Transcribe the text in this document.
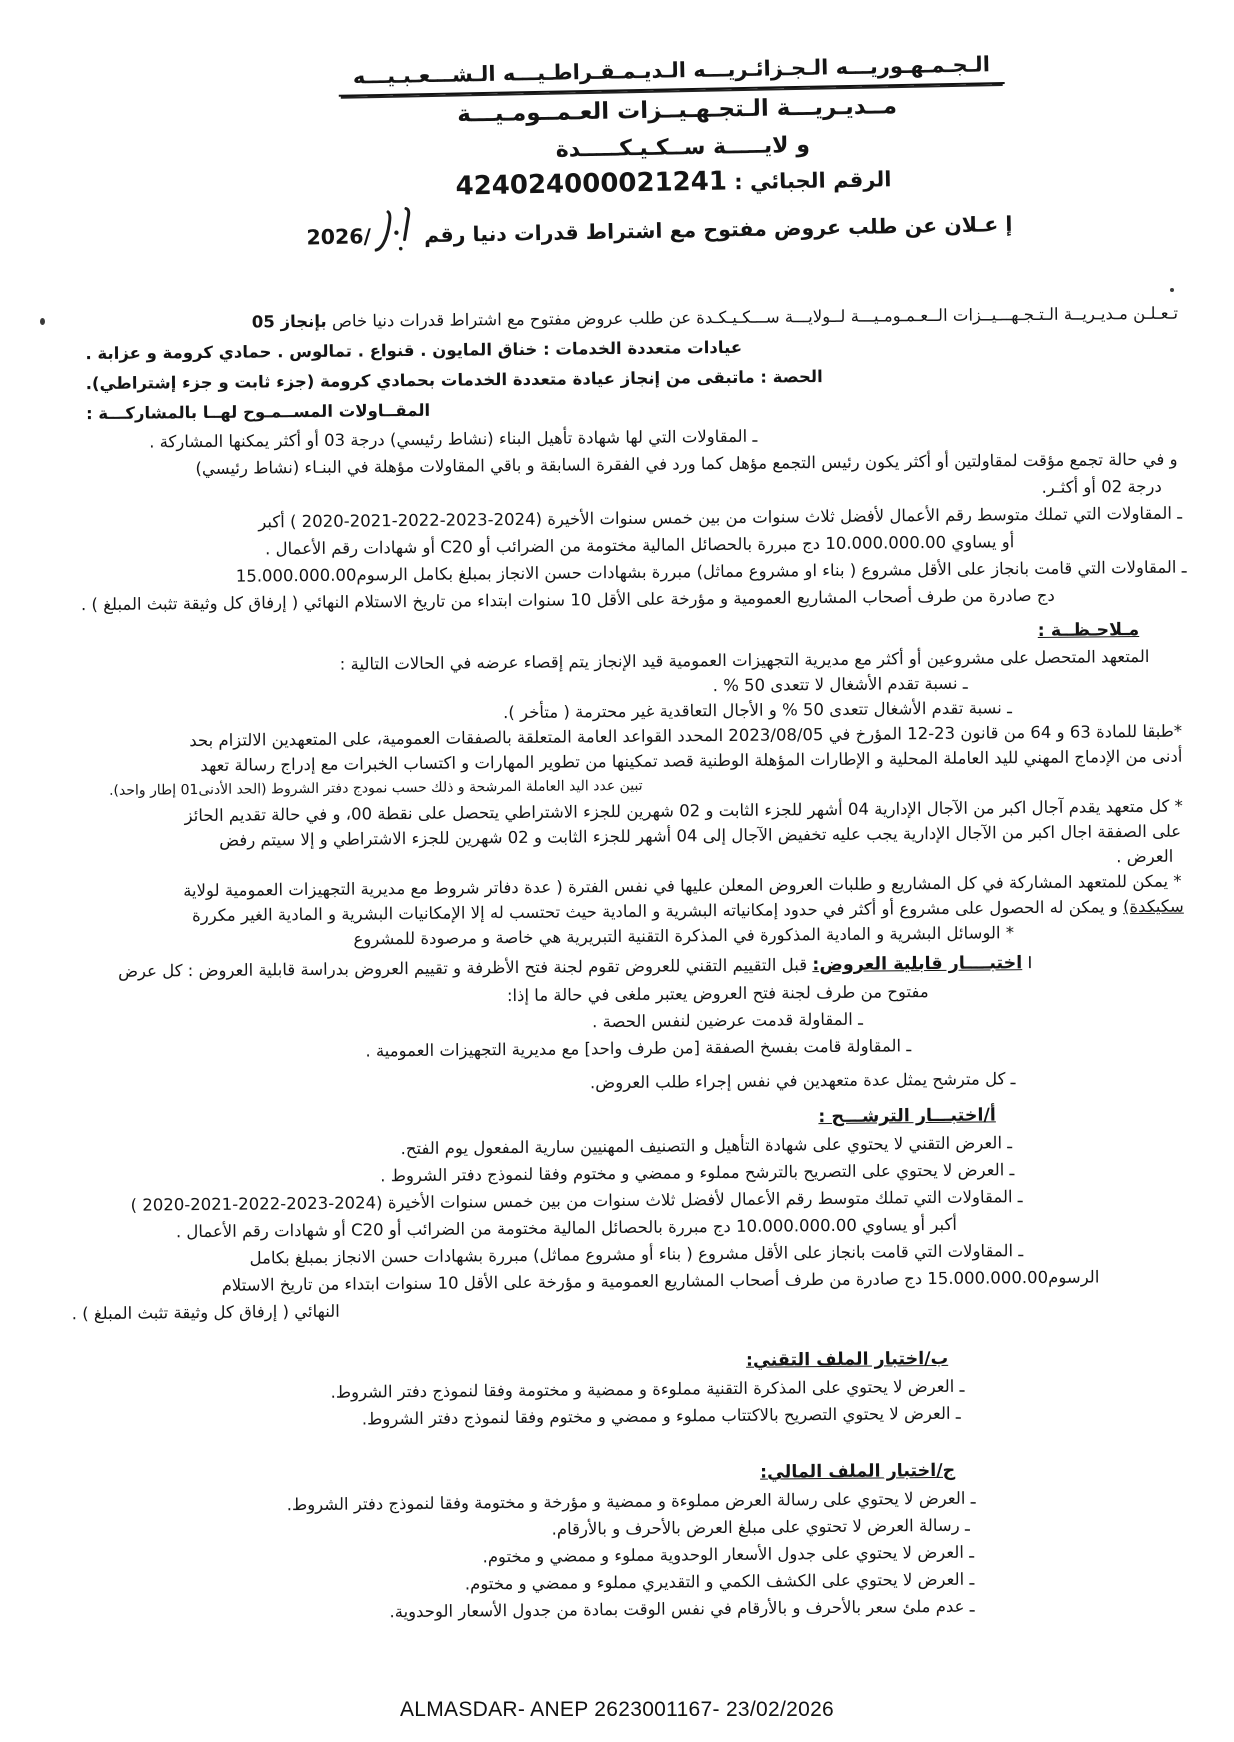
الـجـمـهـوريـــه الـجـزائـريـــه الـديـمـقـراطـيـــه الـشـــعـبـيـــه
مــديـريـــة الـتجـهـيــزات العـمــومـيـــة
و لايـــــة ســكـيـكـــــدة
الرقم الجبائي : 424024000021241
إ عـلان عن طلب عروض مفتوح مع اشتراط قدرات دنيا رقم /2026
تـعـلـن مـديـريــة الـتـجـهـــيــزات الــعـمـومـيـــة لــولايـــة ســـكـيـكـدة عن طلب عروض مفتوح مع اشتراط قدرات دنيا خاص بإنجاز 05
عيادات متعددة الخدمات : خناق المايون . قنواع . تمالوس . حمادي كرومة و عزابة .
الحصة : ماتبقى من إنجاز عيادة متعددة الخدمات بحمادي كرومة (جزء ثابت و جزء إشتراطي).
المقــاولات المســمـوح لهــا بالمشاركـــة :
ـ المقاولات التي لها شهادة تأهيل البناء (نشاط رئيسي) درجة 03 أو أكثر يمكنها المشاركة .
و في حالة تجمع مؤقت لمقاولتين أو أكثر يكون رئيس التجمع مؤهل كما ورد في الفقرة السابقة و باقي المقاولات مؤهلة في البنـاء (نشاط رئيسي)
درجة 02 أو أكثـر.
ـ المقاولات التي تملك متوسط رقم الأعمال لأفضل ثلاث سنوات من بين خمس سنوات الأخيرة (2024-2023-2022-2021-2020 ) أكبر
أو يساوي 10.000.000.00 دج مبررة بالحصائل المالية مختومة من الضرائب أو C20 أو شهادات رقم الأعمال .
ـ المقاولات التي قامت بانجاز على الأقل مشروع ( بناء او مشروع مماثل) مبررة بشهادات حسن الانجاز بمبلغ بكامل الرسوم15.000.000.00
دج صادرة من طرف أصحاب المشاريع العمومية و مؤرخة على الأقل 10 سنوات ابتداء من تاريخ الاستلام النهائي ( إرفاق كل وثيقة تثبث المبلغ ) .
مـلاحـظــة :
المتعهد المتحصل على مشروعين أو أكثر مع مديرية التجهيزات العمومية قيد الإنجاز يتم إقصاء عرضه في الحالات التالية :
ـ نسبة تقدم الأشغال لا تتعدى 50 % .
ـ نسبة تقدم الأشغال تتعدى 50 % و الأجال التعاقدية غير محترمة ( متأخر ).
*طبقا للمادة 63 و 64 من قانون 23-12 المؤرخ في 2023/08/05 المحدد القواعد العامة المتعلقة بالصفقات العمومية، على المتعهدين الالتزام بحد
أدنى من الإدماج المهني لليد العاملة المحلية و الإطارات المؤهلة الوطنية قصد تمكينها من تطوير المهارات و اكتساب الخبرات مع إدراج رسالة تعهد
تبين عدد اليد العاملة المرشحة و ذلك حسب نمودج دفتر الشروط (الحد الأدنى01 إطار واحد).
* كل متعهد يقدم آجال اكبر من الآجال الإدارية 04 أشهر للجزء الثابت و 02 شهرين للجزء الاشتراطي يتحصل على نقطة 00، و في حالة تقديم الحائز
على الصفقة اجال اكبر من الآجال الإدارية يجب عليه تخفيض الآجال إلى 04 أشهر للجزء الثابت و 02 شهرين للجزء الاشتراطي و إلا سيتم رفض
العرض .
* يمكن للمتعهد المشاركة في كل المشاريع و طلبات العروض المعلن عليها في نفس الفترة ( عدة دفاتر شروط مع مديرية التجهيزات العمومية لولاية
سكيكدة) و يمكن له الحصول على مشروع أو أكثر في حدود إمكانياته البشرية و المادية حيث تحتسب له إلا الإمكانيات البشرية و المادية الغير مكررة
* الوسائل البشرية و المادية المذكورة في المذكرة التقنية التبريرية هي خاصة و مرصودة للمشروع
I اختبــــار قابلية العروض: قبل التقييم التقني للعروض تقوم لجنة فتح الأظرفة و تقييم العروض بدراسة قابلية العروض : كل عرض
مفتوح من طرف لجنة فتح العروض يعتبر ملغى في حالة ما إذا:
ـ المقاولة قدمت عرضين لنفس الحصة .
ـ المقاولة قامت بفسخ الصفقة [من طرف واحد] مع مديرية التجهيزات العمومية .
ـ كل مترشح يمثل عدة متعهدين في نفس إجراء طلب العروض.
أ/اختبـــار الترشـــح :
ـ العرض التقني لا يحتوي على شهادة التأهيل و التصنيف المهنيين سارية المفعول يوم الفتح.
ـ العرض لا يحتوي على التصريح بالترشح مملوء و ممضي و مختوم وفقا لنموذج دفتر الشروط .
ـ المقاولات التي تملك متوسط رقم الأعمال لأفضل ثلاث سنوات من بين خمس سنوات الأخيرة (2024-2023-2022-2021-2020 )
أكبر أو يساوي 10.000.000.00 دج مبررة بالحصائل المالية مختومة من الضرائب أو C20 أو شهادات رقم الأعمال .
ـ المقاولات التي قامت بانجاز على الأقل مشروع ( بناء أو مشروع مماثل) مبررة بشهادات حسن الانجاز بمبلغ بكامل
الرسوم15.000.000.00 دج صادرة من طرف أصحاب المشاريع العمومية و مؤرخة على الأقل 10 سنوات ابتداء من تاريخ الاستلام
النهائي ( إرفاق كل وثيقة تثبث المبلغ ) .
ب/اختبار الملف التقني:
ـ العرض لا يحتوي على المذكرة التقنية مملوءة و ممضية و مختومة وفقا لنموذج دفتر الشروط.
ـ العرض لا يحتوي التصريح بالاكتتاب مملوء و ممضي و مختوم وفقا لنموذج دفتر الشروط.
ج/اختبار الملف المالي:
ـ العرض لا يحتوي على رسالة العرض مملوءة و ممضية و مؤرخة و مختومة وفقا لنموذج دفتر الشروط.
ـ رسالة العرض لا تحتوي على مبلغ العرض بالأحرف و بالأرقام.
ـ العرض لا يحتوي على جدول الأسعار الوحدوية مملوء و ممضي و مختوم.
ـ العرض لا يحتوي على الكشف الكمي و التقديري مملوء و ممضي و مختوم.
ـ عدم ملئ سعر بالأحرف و بالأرقام في نفس الوقت بمادة من جدول الأسعار الوحدوية.
ALMASDAR- ANEP 2623001167- 23/02/2026
